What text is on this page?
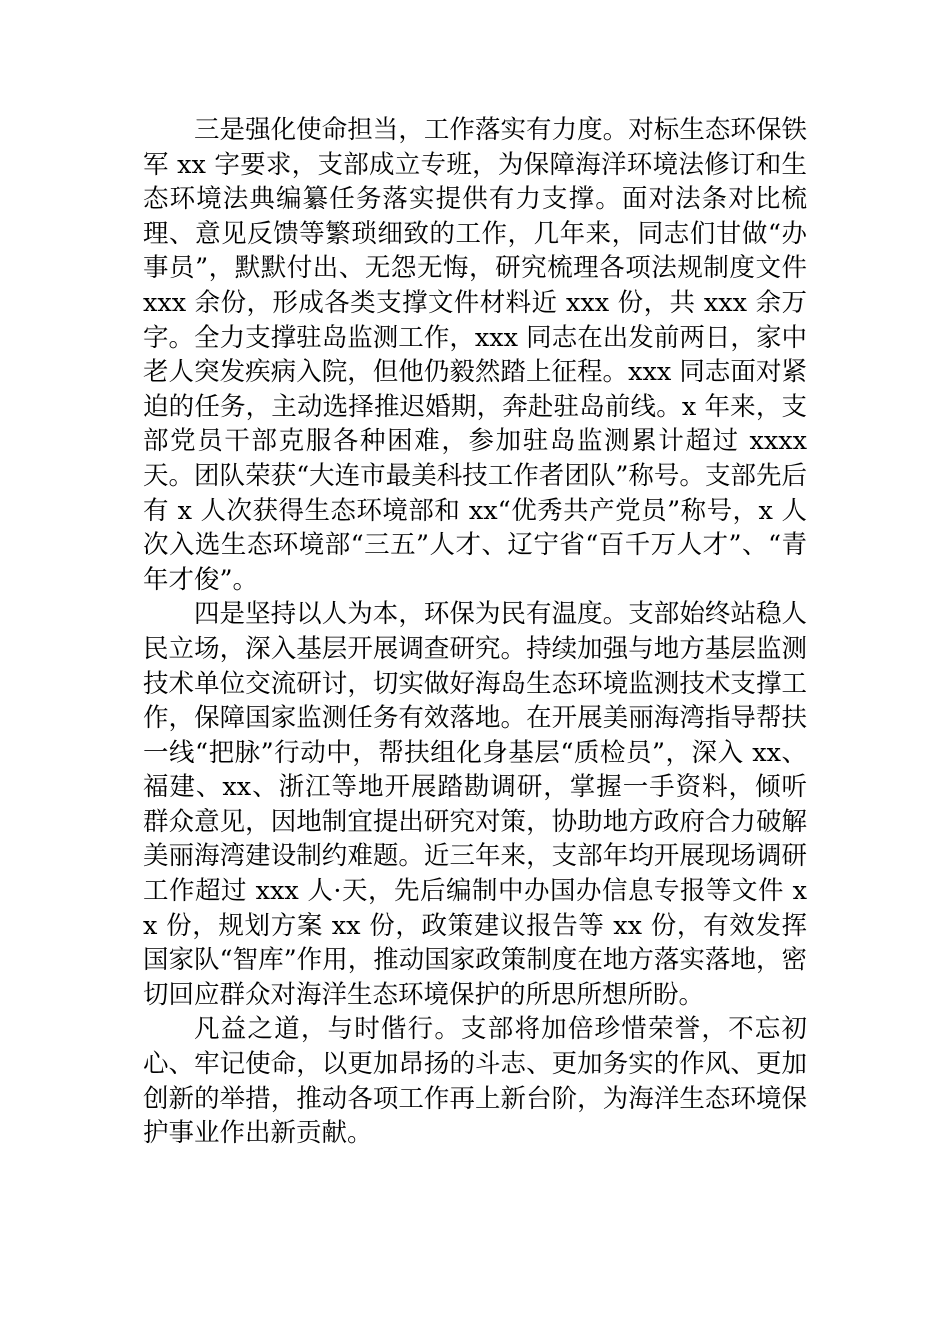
三是强化使命担当，工作落实有力度。对标生态环保铁军 xx 字要求，支部成立专班，为保障海洋环境法修订和生态环境法典编纂任务落实提供有力支撑。面对法条对比梳理、意见反馈等繁琐细致的工作，几年来，同志们甘做“办事员”，默默付出、无怨无悔，研究梳理各项法规制度文件 xxx 余份，形成各类支撑文件材料近 xxx 份，共 xxx 余万字。全力支撑驻岛监测工作，xxx 同志在出发前两日，家中老人突发疾病入院，但他仍毅然踏上征程。xxx 同志面对紧迫的任务，主动选择推迟婚期，奔赴驻岛前线。x 年来，支部党员干部克服各种困难，参加驻岛监测累计超过 xxxx 天。团队荣获“大连市最美科技工作者团队”称号。支部先后有 x 人次获得生态环境部和 xx“优秀共产党员”称号，x 人次入选生态环境部“三五”人才、辽宁省“百千万人才”、“青年才俊”。

四是坚持以人为本，环保为民有温度。支部始终站稳人民立场，深入基层开展调查研究。持续加强与地方基层监测技术单位交流研讨，切实做好海岛生态环境监测技术支撑工作，保障国家监测任务有效落地。在开展美丽海湾指导帮扶一线“把脉”行动中，帮扶组化身基层“质检员”，深入 xx、福建、xx、浙江等地开展踏勘调研，掌握一手资料，倾听群众意见，因地制宜提出研究对策，协助地方政府合力破解美丽海湾建设制约难题。近三年来，支部年均开展现场调研工作超过 xxx 人·天，先后编制中办国办信息专报等文件 xx 份，规划方案 xx 份，政策建议报告等 xx 份，有效发挥国家队“智库”作用，推动国家政策制度在地方落实落地，密切回应群众对海洋生态环境保护的所思所想所盼。

凡益之道，与时偕行。支部将加倍珍惜荣誉，不忘初心、牢记使命，以更加昂扬的斗志、更加务实的作风、更加创新的举措，推动各项工作再上新台阶，为海洋生态环境保护事业作出新贡献。
